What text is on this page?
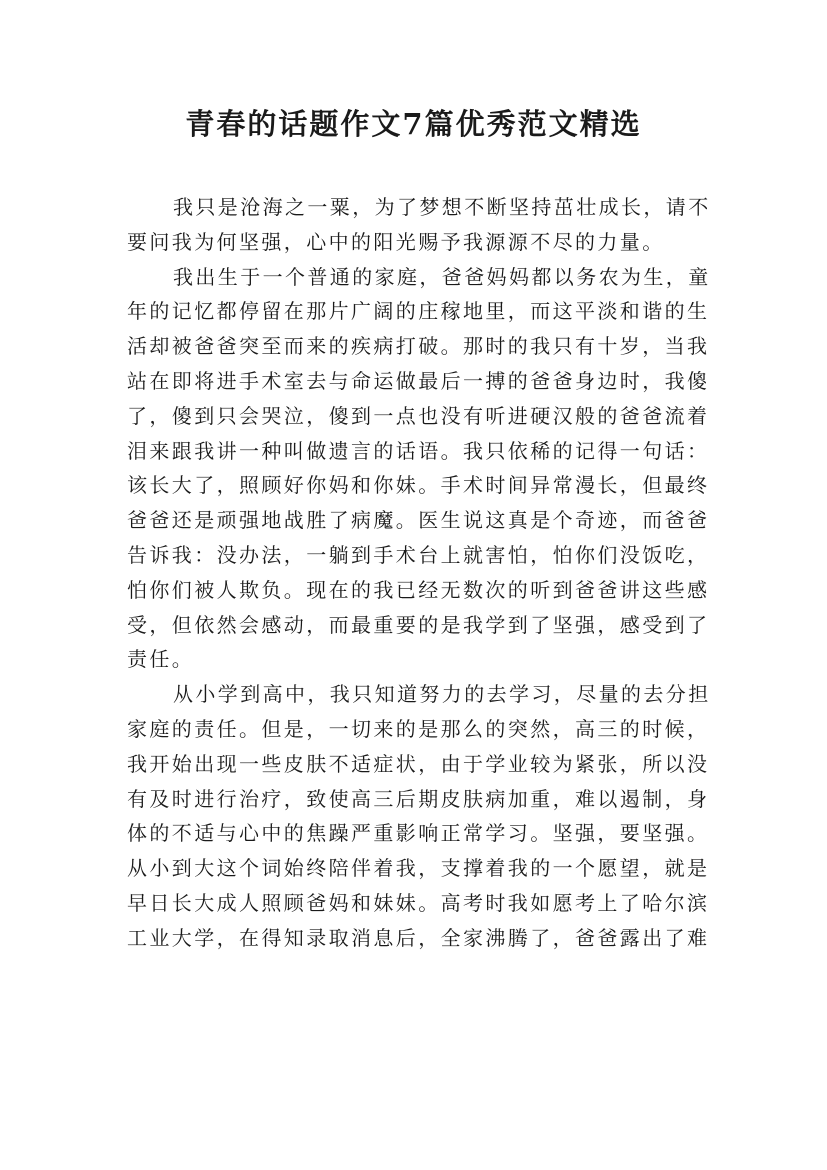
青春的话题作文7篇优秀范文精选
我只是沧海之一粟，为了梦想不断坚持茁壮成长，请不
要问我为何坚强，心中的阳光赐予我源源不尽的力量。
我出生于一个普通的家庭，爸爸妈妈都以务农为生，童
年的记忆都停留在那片广阔的庄稼地里，而这平淡和谐的生
活却被爸爸突至而来的疾病打破。那时的我只有十岁，当我
站在即将进手术室去与命运做最后一搏的爸爸身边时，我傻
了，傻到只会哭泣，傻到一点也没有听进硬汉般的爸爸流着
泪来跟我讲一种叫做遗言的话语。我只依稀的记得一句话：
该长大了，照顾好你妈和你妹。手术时间异常漫长，但最终
爸爸还是顽强地战胜了病魔。医生说这真是个奇迹，而爸爸
告诉我：没办法，一躺到手术台上就害怕，怕你们没饭吃，
怕你们被人欺负。现在的我已经无数次的听到爸爸讲这些感
受，但依然会感动，而最重要的是我学到了坚强，感受到了
责任。
从小学到高中，我只知道努力的去学习，尽量的去分担
家庭的责任。但是，一切来的是那么的突然，高三的时候，
我开始出现一些皮肤不适症状，由于学业较为紧张，所以没
有及时进行治疗，致使高三后期皮肤病加重，难以遏制，身
体的不适与心中的焦躁严重影响正常学习。坚强，要坚强。
从小到大这个词始终陪伴着我，支撑着我的一个愿望，就是
早日长大成人照顾爸妈和妹妹。高考时我如愿考上了哈尔滨
工业大学，在得知录取消息后，全家沸腾了，爸爸露出了难
